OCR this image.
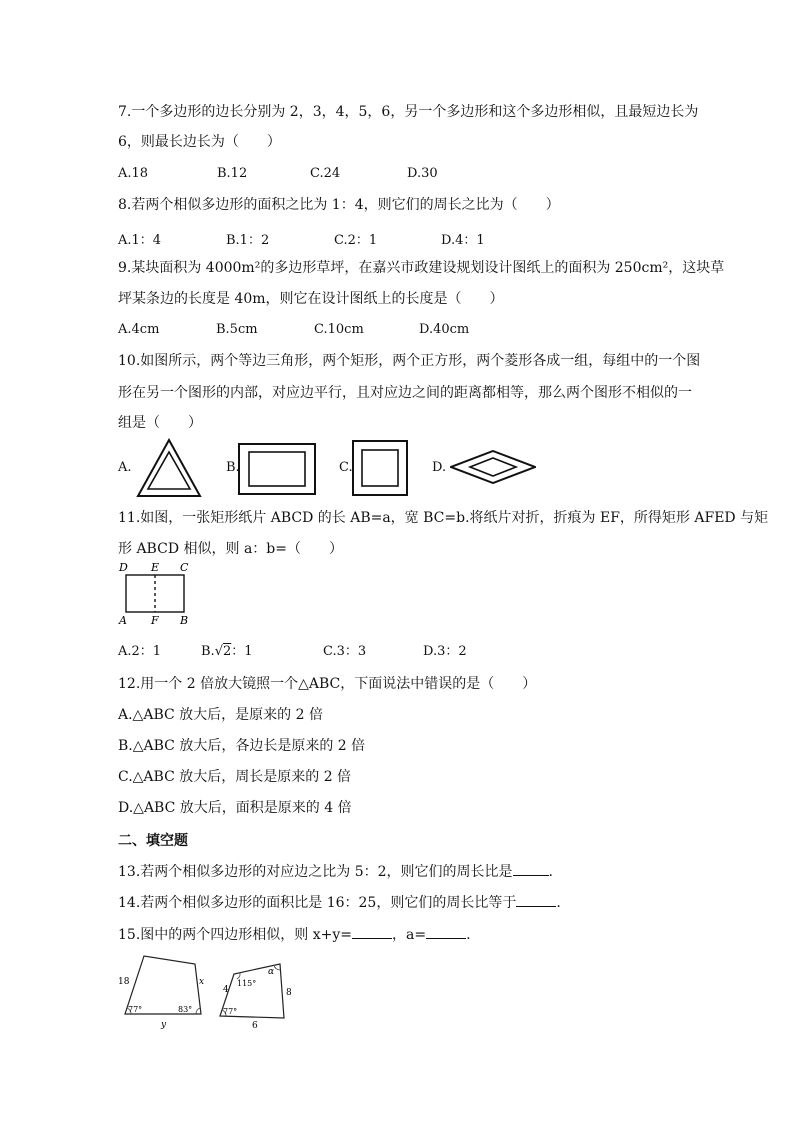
7.一个多边形的边长分别为 2，3，4，5，6，另一个多边形和这个多边形相似，且最短边长为
6，则最长边长为（　　）
A.18	B.12	C.24	D.30
8.若两个相似多边形的面积之比为 1：4，则它们的周长之比为（　　）
A.1：4	B.1：2	C.2：1	D.4：1
9.某块面积为 4000m²的多边形草坪，在嘉兴市政建设规划设计图纸上的面积为 250cm²，这块草
坪某条边的长度是 40m，则它在设计图纸上的长度是（　　）
A.4cm	B.5cm	C.10cm	D.40cm
10.如图所示，两个等边三角形，两个矩形，两个正方形，两个菱形各成一组，每组中的一个图
形在另一个图形的内部，对应边平行，且对应边之间的距离都相等，那么两个图形不相似的一
组是（　　）
A.	B.	C.	D.
11.如图，一张矩形纸片 ABCD 的长 AB=a，宽 BC=b.将纸片对折，折痕为 EF，所得矩形 AFED 与矩
形 ABCD 相似，则 a：b=（　　）
D E C
A F B
A.2：1	B.√2：1	C.3：3	D.3：2
12.用一个 2 倍放大镜照一个△ABC，下面说法中错误的是（　　）
A.△ABC 放大后，是原来的 2 倍
B.△ABC 放大后，各边长是原来的 2 倍
C.△ABC 放大后，周长是原来的 2 倍
D.△ABC 放大后，面积是原来的 4 倍
二、填空题
13.若两个相似多边形的对应边之比为 5：2，则它们的周长比是	.
14.若两个相似多边形的面积比是 16：25，则它们的周长比等于	.
15.图中的两个四边形相似，则 x+y=	，a=	.
18	x
y
77°	83°
4	8
6
115°
α
77°
